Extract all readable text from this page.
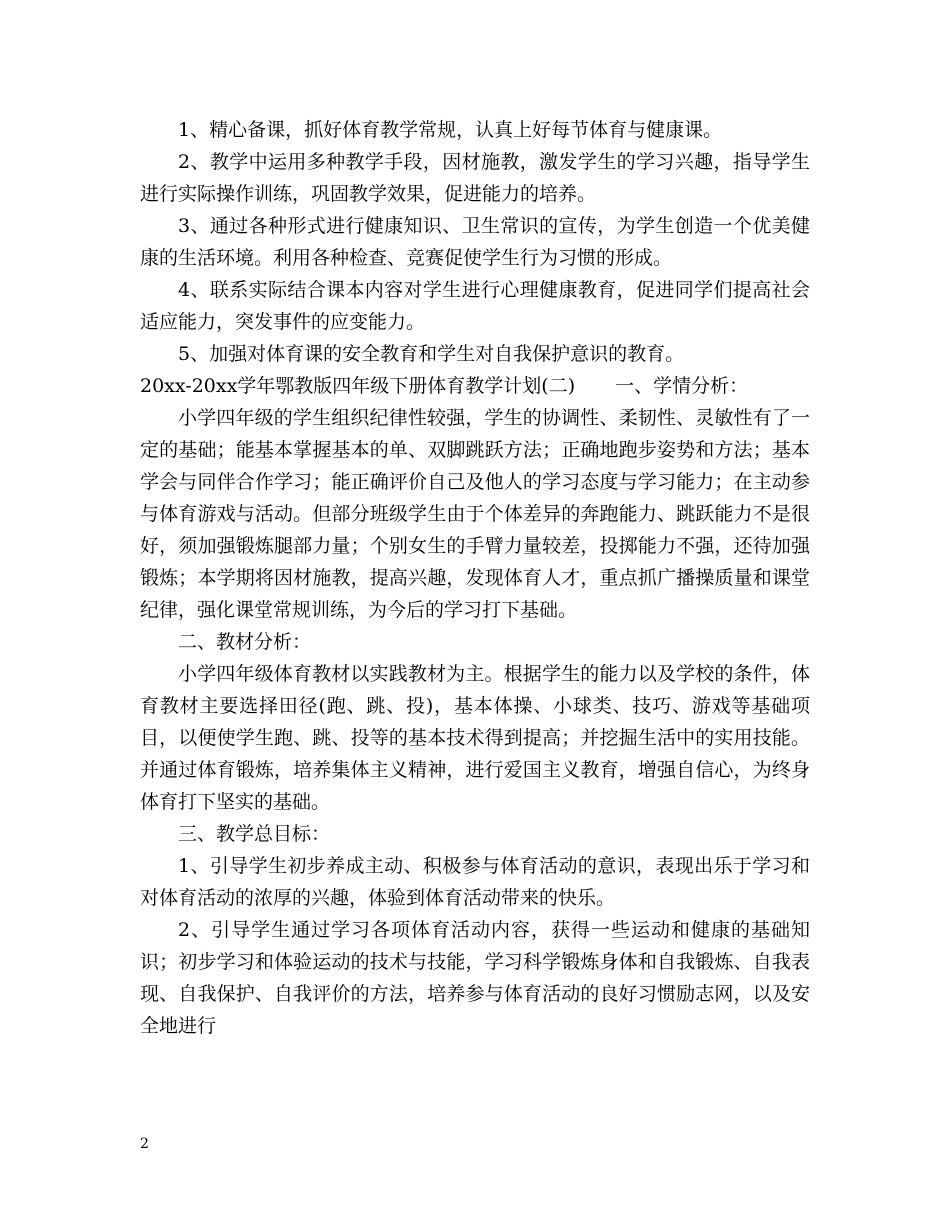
1、精心备课，抓好体育教学常规，认真上好每节体育与健康课。

2、教学中运用多种教学手段，因材施教，激发学生的学习兴趣，指导学生进行实际操作训练，巩固教学效果，促进能力的培养。

3、通过各种形式进行健康知识、卫生常识的宣传，为学生创造一个优美健康的生活环境。利用各种检查、竞赛促使学生行为习惯的形成。

4、联系实际结合课本内容对学生进行心理健康教育，促进同学们提高社会适应能力，突发事件的应变能力。

5、加强对体育课的安全教育和学生对自我保护意识的教育。

20xx-20xx学年鄂教版四年级下册体育教学计划(二) 一、学情分析：

小学四年级的学生组织纪律性较强，学生的协调性、柔韧性、灵敏性有了一定的基础；能基本掌握基本的单、双脚跳跃方法；正确地跑步姿势和方法；基本学会与同伴合作学习；能正确评价自己及他人的学习态度与学习能力；在主动参与体育游戏与活动。但部分班级学生由于个体差异的奔跑能力、跳跃能力不是很好，须加强锻炼腿部力量；个别女生的手臂力量较差，投掷能力不强，还待加强锻炼；本学期将因材施教，提高兴趣，发现体育人才，重点抓广播操质量和课堂纪律，强化课堂常规训练，为今后的学习打下基础。

二、教材分析：

小学四年级体育教材以实践教材为主。根据学生的能力以及学校的条件，体育教材主要选择田径(跑、跳、投)，基本体操、小球类、技巧、游戏等基础项目，以便使学生跑、跳、投等的基本技术得到提高；并挖掘生活中的实用技能。并通过体育锻炼，培养集体主义精神，进行爱国主义教育，增强自信心，为终身体育打下坚实的基础。

三、教学总目标：

1、引导学生初步养成主动、积极参与体育活动的意识，表现出乐于学习和对体育活动的浓厚的兴趣，体验到体育活动带来的快乐。

2、引导学生通过学习各项体育活动内容，获得一些运动和健康的基础知识；初步学习和体验运动的技术与技能，学习科学锻炼身体和自我锻炼、自我表现、自我保护、自我评价的方法，培养参与体育活动的良好习惯励志网，以及安全地进行

2
